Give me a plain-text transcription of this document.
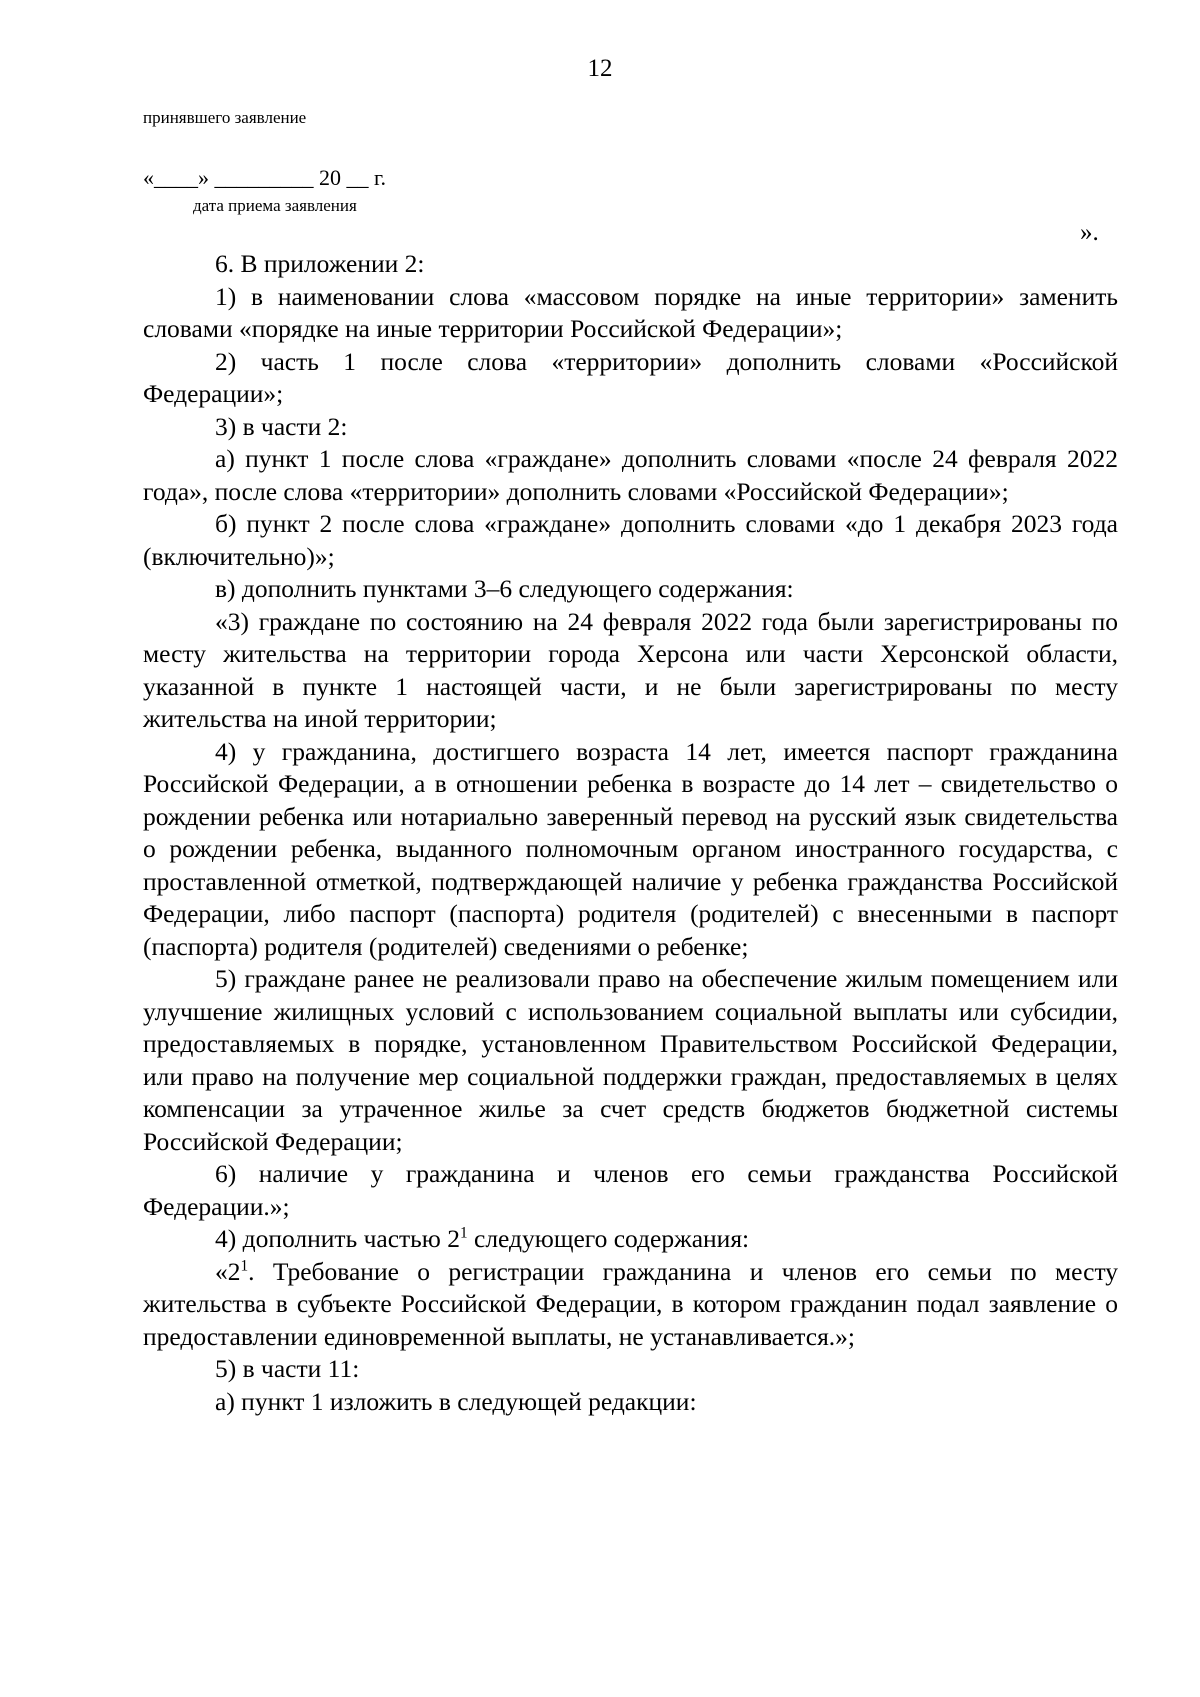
12
принявшего заявление
«____» _________ 20 __ г.
дата приема заявления
».

6. В приложении 2:

1) в наименовании слова «массовом порядке на иные территории» заменить словами «порядке на иные территории Российской Федерации»;

2) часть 1 после слова «территории» дополнить словами «Российской Федерации»;

3) в части 2:

а) пункт 1 после слова «граждане» дополнить словами «после 24 февраля 2022 года», после слова «территории» дополнить словами «Российской Федерации»;

б) пункт 2 после слова «граждане» дополнить словами «до 1 декабря 2023 года (включительно)»;

в) дополнить пунктами 3–6 следующего содержания:

«3) граждане по состоянию на 24 февраля 2022 года были зарегистрированы по месту жительства на территории города Херсона или части Херсонской области, указанной в пункте 1 настоящей части, и не были зарегистрированы по месту жительства на иной территории;

4) у гражданина, достигшего возраста 14 лет, имеется паспорт гражданина Российской Федерации, а в отношении ребенка в возрасте до 14 лет – свидетельство о рождении ребенка или нотариально заверенный перевод на русский язык свидетельства о рождении ребенка, выданного полномочным органом иностранного государства, с проставленной отметкой, подтверждающей наличие у ребенка гражданства Российской Федерации, либо паспорт (паспорта) родителя (родителей) с внесенными в паспорт (паспорта) родителя (родителей) сведениями о ребенке;

5) граждане ранее не реализовали право на обеспечение жилым помещением или улучшение жилищных условий с использованием социальной выплаты или субсидии, предоставляемых в порядке, установленном Правительством Российской Федерации, или право на получение мер социальной поддержки граждан, предоставляемых в целях компенсации за утраченное жилье за счет средств бюджетов бюджетной системы Российской Федерации;

6) наличие у гражданина и членов его семьи гражданства Российской Федерации.»;

4) дополнить частью $2^1$ следующего содержания:

«$2^1$. Требование о регистрации гражданина и членов его семьи по месту жительства в субъекте Российской Федерации, в котором гражданин подал заявление о предоставлении единовременной выплаты, не устанавливается.»;

5) в части 11:

а) пункт 1 изложить в следующей редакции:
